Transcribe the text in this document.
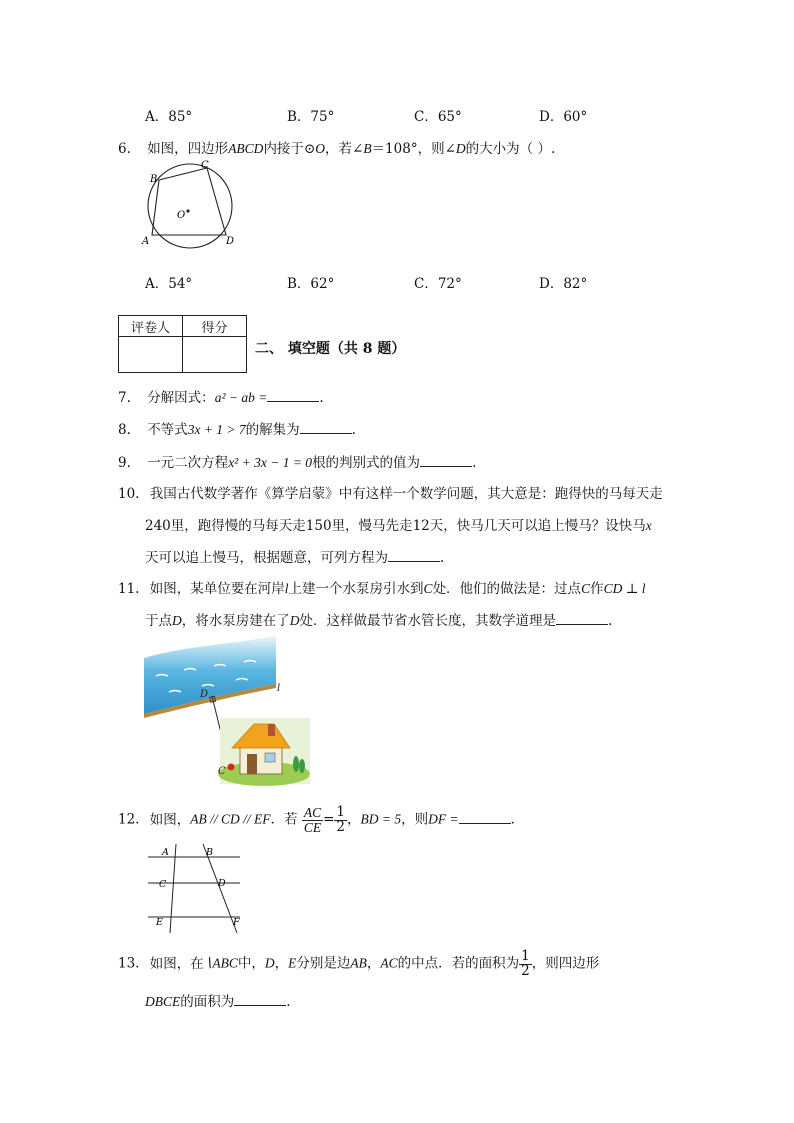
A．85°	B．75°	C．65°	D．60°
6. 如图，四边形ABCD内接于⊙O，若∠B＝108°，则∠D的大小为（ ）.
O
B
C
A	D
A．54°	B．62°	C．72°	D．82°
评卷人	得分

二、 填空题（共 8 题）
7. 分解因式：a² − ab =	.
8. 不等式3x + 1 > 7的解集为	.
9. 一元二次方程x² + 3x − 1 = 0根的判别式的值为	.
10. 我国古代数学著作《算学启蒙》中有这样一个数学问题，其大意是：跑得快的马每天走
240里，跑得慢的马每天走150里，慢马先走12天，快马几天可以追上慢马？设快马x
天可以追上慢马，根据题意，可列方程为	.
11. 如图，某单位要在河岸l上建一个水泵房引水到C处．他们的做法是：过点C作CD ⊥ l
于点D，将水泵房建在了D处．这样做最节省水管长度，其数学道理是	.
D
l
C
12. 如图，AB // CD // EF．若 $\frac{AC}{CE} = \frac{1}{2}$ ，BD = 5，则DF =	.
A	B
C	D
E	F
13. 如图，在∖ABC中，D，E分别是边AB，AC的中点．若的面积为 $\frac{1}{2}$ ，则四边形
DBCE的面积为	.
